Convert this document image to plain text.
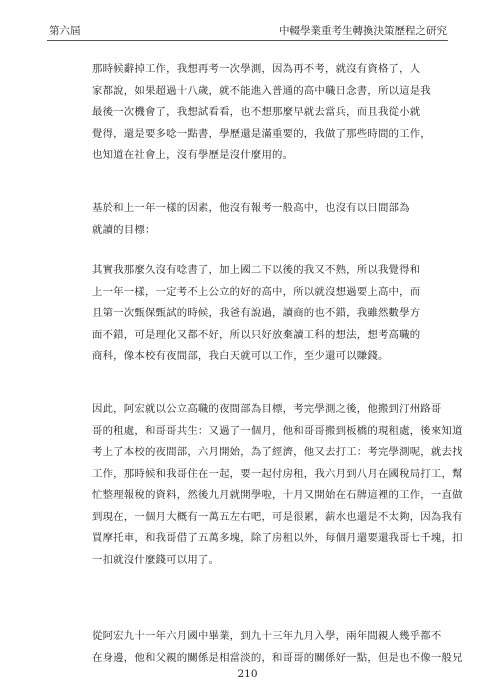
第六屆	中輟學業重考生轉換決策歷程之研究

那時候辭掉工作，我想再考一次學測，因為再不考，就沒有資格了，人
家都說，如果超過十八歲，就不能進入普通的高中職日念書，所以這是我
最後一次機會了，我想試看看，也不想那麼早就去當兵，而且我從小就
覺得，還是要多唸一點書，學歷還是滿重要的，我做了那些時間的工作，
也知道在社會上，沒有學歷是沒什麼用的。

基於和上一年一樣的因素，他沒有報考一般高中，也沒有以日間部為
就讀的目標：

其實我那麼久沒有唸書了，加上國二下以後的我又不熟，所以我覺得和
上一年一樣，一定考不上公立的好的高中，所以就沒想過要上高中，而
且第一次甄保甄試的時候，我爸有說過，讀商的也不錯，我雖然數學方
面不錯，可是理化又都不好，所以只好放棄讀工科的想法，想考高職的
商科，像本校有夜間部，我白天就可以工作，至少還可以賺錢。

因此，阿宏就以公立高職的夜間部為目標，考完學測之後，他搬到汀州路哥
哥的租處，和哥哥共生：又過了一個月，他和哥哥搬到板橋的現租處，後來知道
考上了本校的夜間部，六月開始，為了經濟，他又去打工：考完學測呢，就去找
工作，那時候和我哥住在一起，要一起付房租，我六月到八月在國稅局打工，幫
忙整理報稅的資料，然後九月就開學啦，十月又開始在石牌這裡的工作，一直做
到現在，一個月大概有一萬五左右吧，可是很累，薪水也還是不太夠，因為我有
買摩托車，和我哥借了五萬多塊，除了房租以外，每個月還要還我哥七千塊，扣
一扣就沒什麼錢可以用了。

從阿宏九十一年六月國中畢業，到九十三年九月入學，兩年間親人幾乎都不
在身邊，他和父親的關係是相當淡的，和哥哥的關係好一點，但是也不像一般兄

210
